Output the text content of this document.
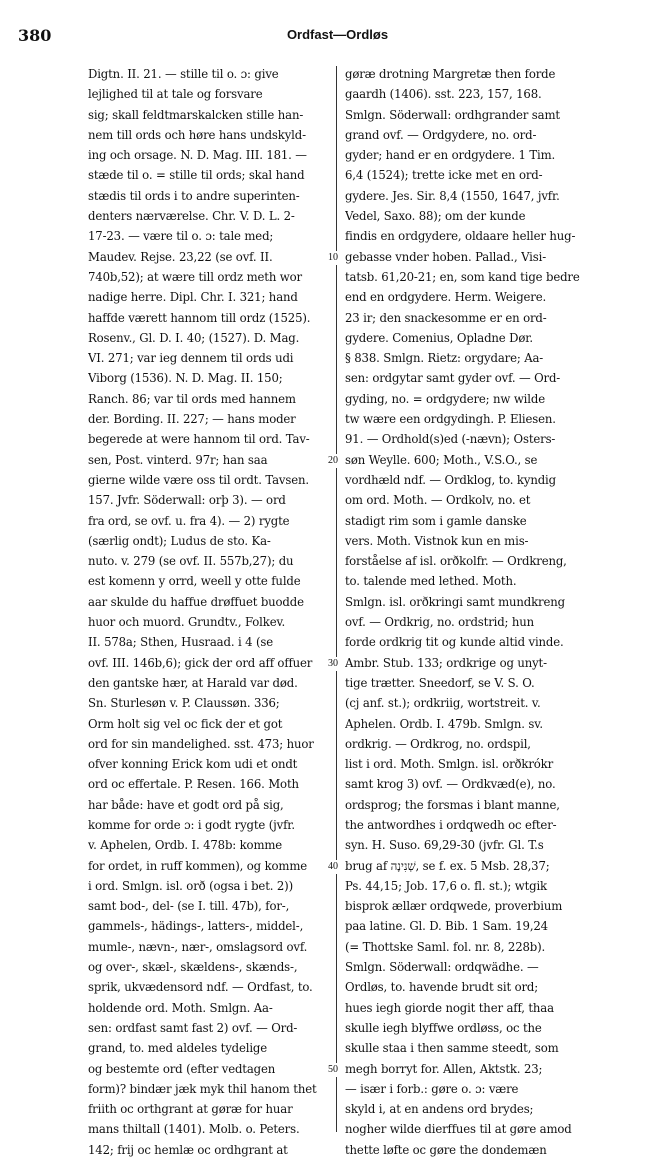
380	Ordfast—Ordløs
Digtn. II. 21. — stille til o. ɔ: give
lejlighed til at tale og forsvare
sig; skall feldtmarskalcken stille han-
nem till ords och høre hans undskyld-
ing och orsage. N. D. Mag. III. 181. —
stæde til o. = stille til ords; skal hand
stædis til ords i to andre superinten-
denters nærværelse. Chr. V. D. L. 2-
17-23. — være til o. ɔ: tale med;
Maudev. Rejse. 23,22 (se ovf. II.
740b,52); at wære till ordz meth wor
nadige herre. Dipl. Chr. I. 321; hand
haffde værett hannom till ordz (1525).
Rosenv., Gl. D. I. 40; (1527). D. Mag.
VI. 271; var ieg dennem til ords udi
Viborg (1536). N. D. Mag. II. 150;
Ranch. 86; var til ords med hannem
der. Bording. II. 227; — hans moder
begerede at were hannom til ord. Tav-
sen, Post. vinterd. 97r; han saa
gierne wilde være oss til ordt. Tavsen.
157. Jvfr. Söderwall: orþ 3). — ord
fra ord, se ovf. u. fra 4). — 2) rygte
(særlig ondt); Ludus de sto. Ka-
nuto. v. 279 (se ovf. II. 557b,27); du
est komenn y orrd, weell y otte fulde
aar skulde du haffue drøffuet buodde
huor och muord. Grundtv., Folkev.
II. 578a; Sthen, Husraad. i 4 (se
ovf. III. 146b,6); gick der ord aff offuer
den gantske hær, at Harald var død.
Sn. Sturlesøn v. P. Claussøn. 336;
Orm holt sig vel oc fick der et got
ord for sin mandelighed. sst. 473; huor
ofver konning Erick kom udi et ondt
ord oc effertale. P. Resen. 166. Moth
har både: have et godt ord på sig,
komme for orde ɔ: i godt rygte (jvfr.
v. Aphelen, Ordb. I. 478b: komme
for ordet, in ruff kommen), og komme
i ord. Smlgn. isl. orð (ogsa i bet. 2))
samt bod-, del- (se I. till. 47b), for-,
gammels-, hädings-, latters-, middel-,
mumle-, nævn-, nær-, omslagsord ovf.
og over-, skæl-, skældens-, skænds-,
sprik, ukvædensord ndf. — Ordfast, to.
holdende ord. Moth. Smlgn. Aa-
sen: ordfast samt fast 2) ovf. — Ord-
grand, to. med aldeles tydelige
og bestemte ord (efter vedtagen
form)? bindær jæk myk thil hanom thet
friith oc orthgrant at gøræ for huar
mans thiltall (1401). Molb. o. Peters.
142; frij oc hemlæ oc ordhgrant at
10
20
30
40
50
gøræ drotning Margretæ then forde
gaardh (1406). sst. 223, 157, 168.
Smlgn. Söderwall: ordhgrander samt
grand ovf. — Ordgydere, no. ord-
gyder; hand er en ordgydere. 1 Tim.
6,4 (1524); trette icke met en ord-
gydere. Jes. Sir. 8,4 (1550, 1647, jvfr.
Vedel, Saxo. 88); om der kunde
findis en ordgydere, oldaare heller hug-
gebasse vnder hoben. Pallad., Visi-
tatsb. 61,20-21; en, som kand tige bedre
end en ordgydere. Herm. Weigere.
23 ir; den snackesomme er en ord-
gydere. Comenius, Opladne Dør.
§ 838. Smlgn. Rietz: orgydare; Aa-
sen: ordgytar samt gyder ovf. — Ord-
gyding, no. = ordgydere; nw wilde
tw wære een ordgydingh. P. Eliesen.
91. — Ordhold(s)ed (-nævn); Osters-
søn Weylle. 600; Moth., V.S.O., se
vordhæld ndf. — Ordklog, to. kyndig
om ord. Moth. — Ordkolv, no. et
stadigt rim som i gamle danske
vers. Moth. Vistnok kun en mis-
forståelse af isl. orðkolfr. — Ordkreng,
to. talende med lethed. Moth.
Smlgn. isl. orðkringi samt mundkreng
ovf. — Ordkrig, no. ordstrid; hun
forde ordkrig tit og kunde altid vinde.
Ambr. Stub. 133; ordkrige og unyt-
tige trætter. Sneedorf, se V. S. O.
(cj anf. st.); ordkriig, wortstreit. v.
Aphelen. Ordb. I. 479b. Smlgn. sv.
ordkrig. — Ordkrog, no. ordspil,
list i ord. Moth. Smlgn. isl. orðkrókr
samt krog 3) ovf. — Ordkvæd(e), no.
ordsprog; the forsmas i blant manne,
the antwordhes i ordqwedh oc efter-
syn. H. Suso. 69,29-30 (jvfr. Gl. T.s
brug af שְׁנִינָה, se f. ex. 5 Msb. 28,37;
Ps. 44,15; Job. 17,6 o. fl. st.); wtgik
bisprok ællær ordqwede, proverbium
paa latine. Gl. D. Bib. 1 Sam. 19,24
(= Thottske Saml. fol. nr. 8, 228b).
Smlgn. Söderwall: ordqwädhe. —
Ordløs, to. havende brudt sit ord;
hues iegh giorde nogit ther aff, thaa
skulle iegh blyffwe ordløss, oc the
skulle staa i then samme steedt, som
megh borryt for. Allen, Aktstk. 23;
— især i forb.: gøre o. ɔ: være
skyld i, at en andens ord brydes;
nogher wilde dierffues til at gøre amod
thette løfte oc gøre the dondemæn
